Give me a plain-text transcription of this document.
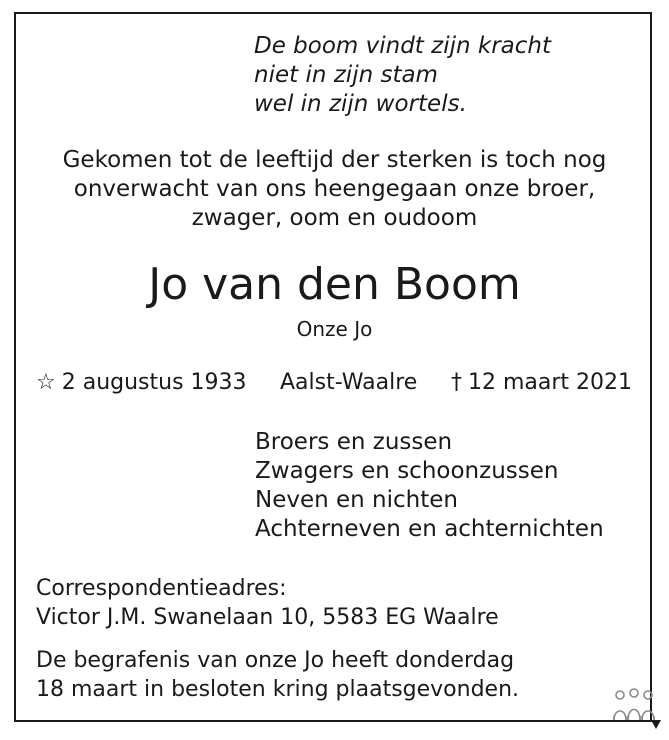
De boom vindt zijn kracht
niet in zijn stam
wel in zijn wortels.
Gekomen tot de leeftijd der sterken is toch nog
onverwacht van ons heengegaan onze broer,
zwager, oom en oudoom
Jo van den Boom
Onze Jo
☆ 2 augustus 1933 Aalst-Waalre † 12 maart 2021
Broers en zussen
Zwagers en schoonzussen
Neven en nichten
Achterneven en achternichten
Correspondentieadres:
Victor J.M. Swanelaan 10, 5583 EG Waalre
De begrafenis van onze Jo heeft donderdag
18 maart in besloten kring plaatsgevonden.
